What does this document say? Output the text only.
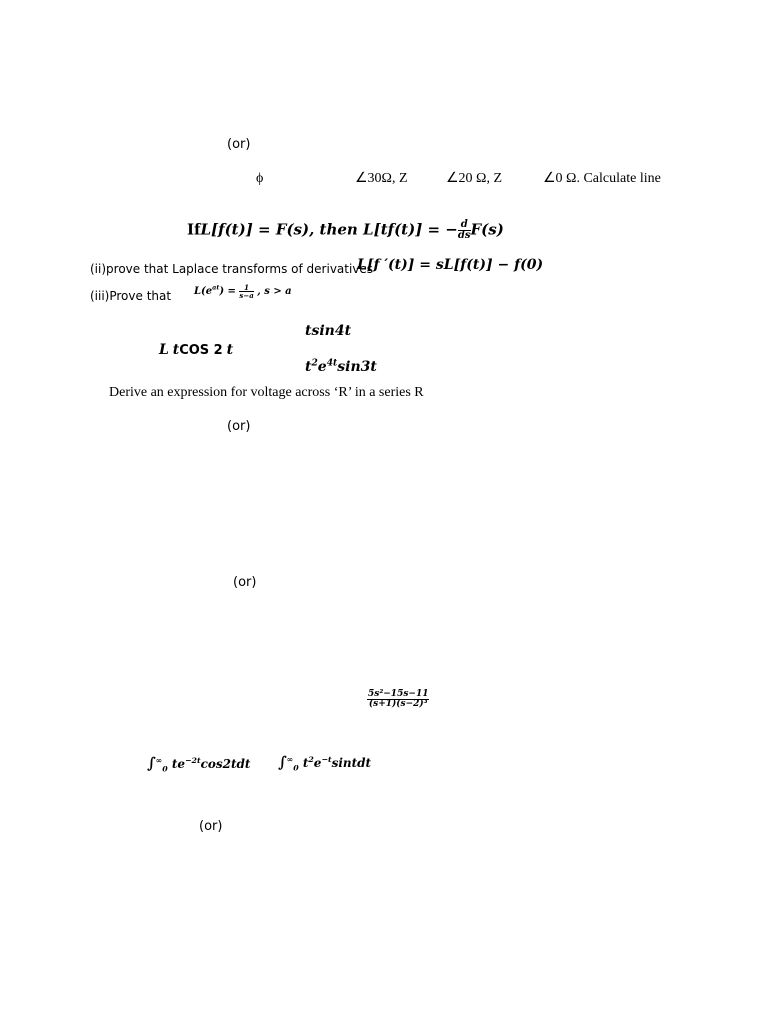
(or)
ϕ	∠30Ω, Z	∠20 Ω, Z	∠0 Ω. Calculate line
IfL[f(t)] = F(s), then L[tf(t)] = − $\frac{d}{ds} F(s)$
(ii)prove that Laplace transforms of derivatives
L[f ′(t)] = sL[f(t)] − f(0)
(iii)Prove that $L(e^{at}) = \frac{1}{s-a}$ , s > a
tsin4t
L tCOS 2 t
$t^2e^{4t}\sin 3t$
Derive an expression for voltage across ‘R’ in a series R
(or)
(or)
$\frac{\text{5s²−15s−11}}{\text{(s+1)(s−2)³}}$
$\int^\infty_0$ $te^{-2t}\cos 2tdt$ $\int^\infty_0$ $t^2e^{-t}sintdt$
(or)
